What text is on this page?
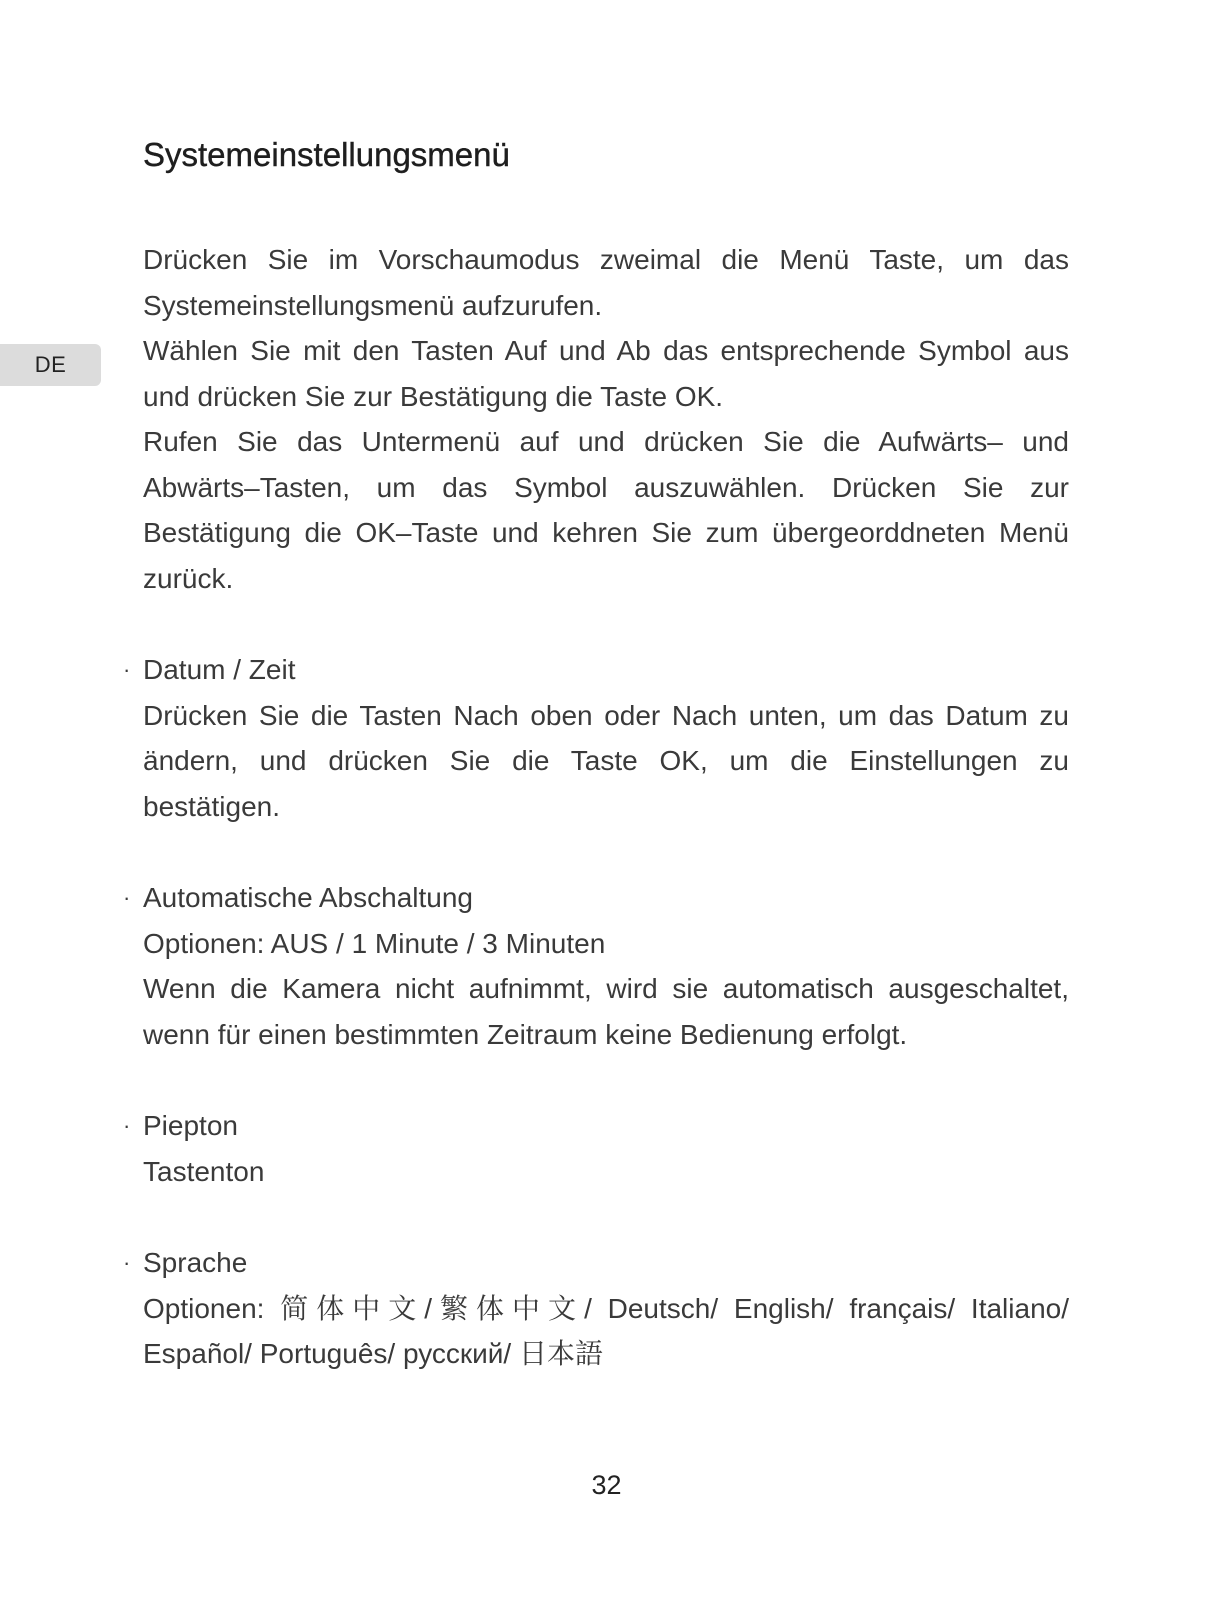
DE
Systemeinstellungsmenü

Drücken Sie im Vorschaumodus zweimal die Menü Taste, um das Systemeinstellungsmenü aufzurufen.

Wählen Sie mit den Tasten Auf und Ab das entsprechende Symbol aus und drücken Sie zur Bestätigung die Taste OK.

Rufen Sie das Untermenü auf und drücken Sie die Aufwärts– und Abwärts–Tasten, um das Symbol auszuwählen. Drücken Sie zur Bestätigung die OK–Taste und kehren Sie zum übergeorddneten Menü zurück.

· Datum / Zeit

Drücken Sie die Tasten Nach oben oder Nach unten, um das Datum zu ändern, und drücken Sie die Taste OK, um die Einstellungen zu bestätigen.

· Automatische Abschaltung

Optionen: AUS / 1 Minute / 3 Minuten

Wenn die Kamera nicht aufnimmt, wird sie automatisch ausgeschaltet, wenn für einen bestimmten Zeitraum keine Bedienung erfolgt.

· Piepton

Tastenton

· Sprache

Optionen: 简体中文/繁体中文/ Deutsch/ English/ français/ Italiano/ Español/ Português/ русский/ 日本語

32
